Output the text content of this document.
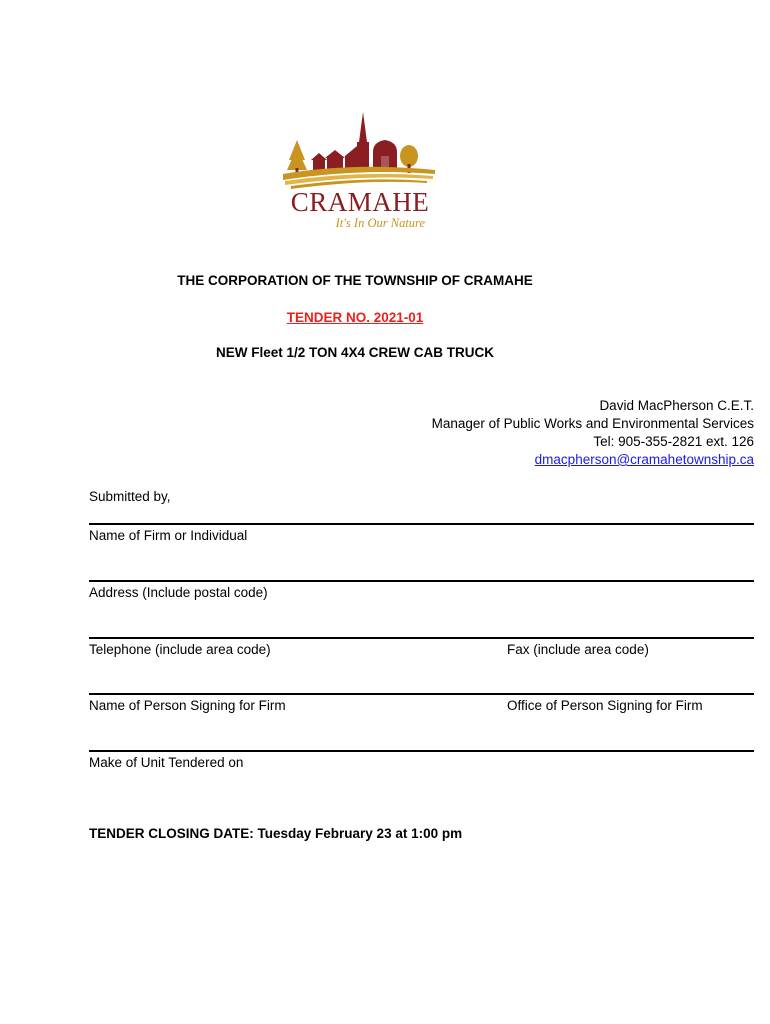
CRAMAHE
It's In Our Nature
THE CORPORATION OF THE TOWNSHIP OF CRAMAHE
TENDER NO. 2021-01
NEW Fleet 1/2 TON 4X4 CREW CAB TRUCK
David MacPherson C.E.T.
Manager of Public Works and Environmental Services
Tel: 905-355-2821 ext. 126
dmacpherson@cramahetownship.ca
Submitted by,
Name of Firm or Individual
Address (Include postal code)
Telephone (include area code)	Fax (include area code)
Name of Person Signing for Firm	Office of Person Signing for Firm
Make of Unit Tendered on
TENDER CLOSING DATE: Tuesday February 23 at 1:00 pm
